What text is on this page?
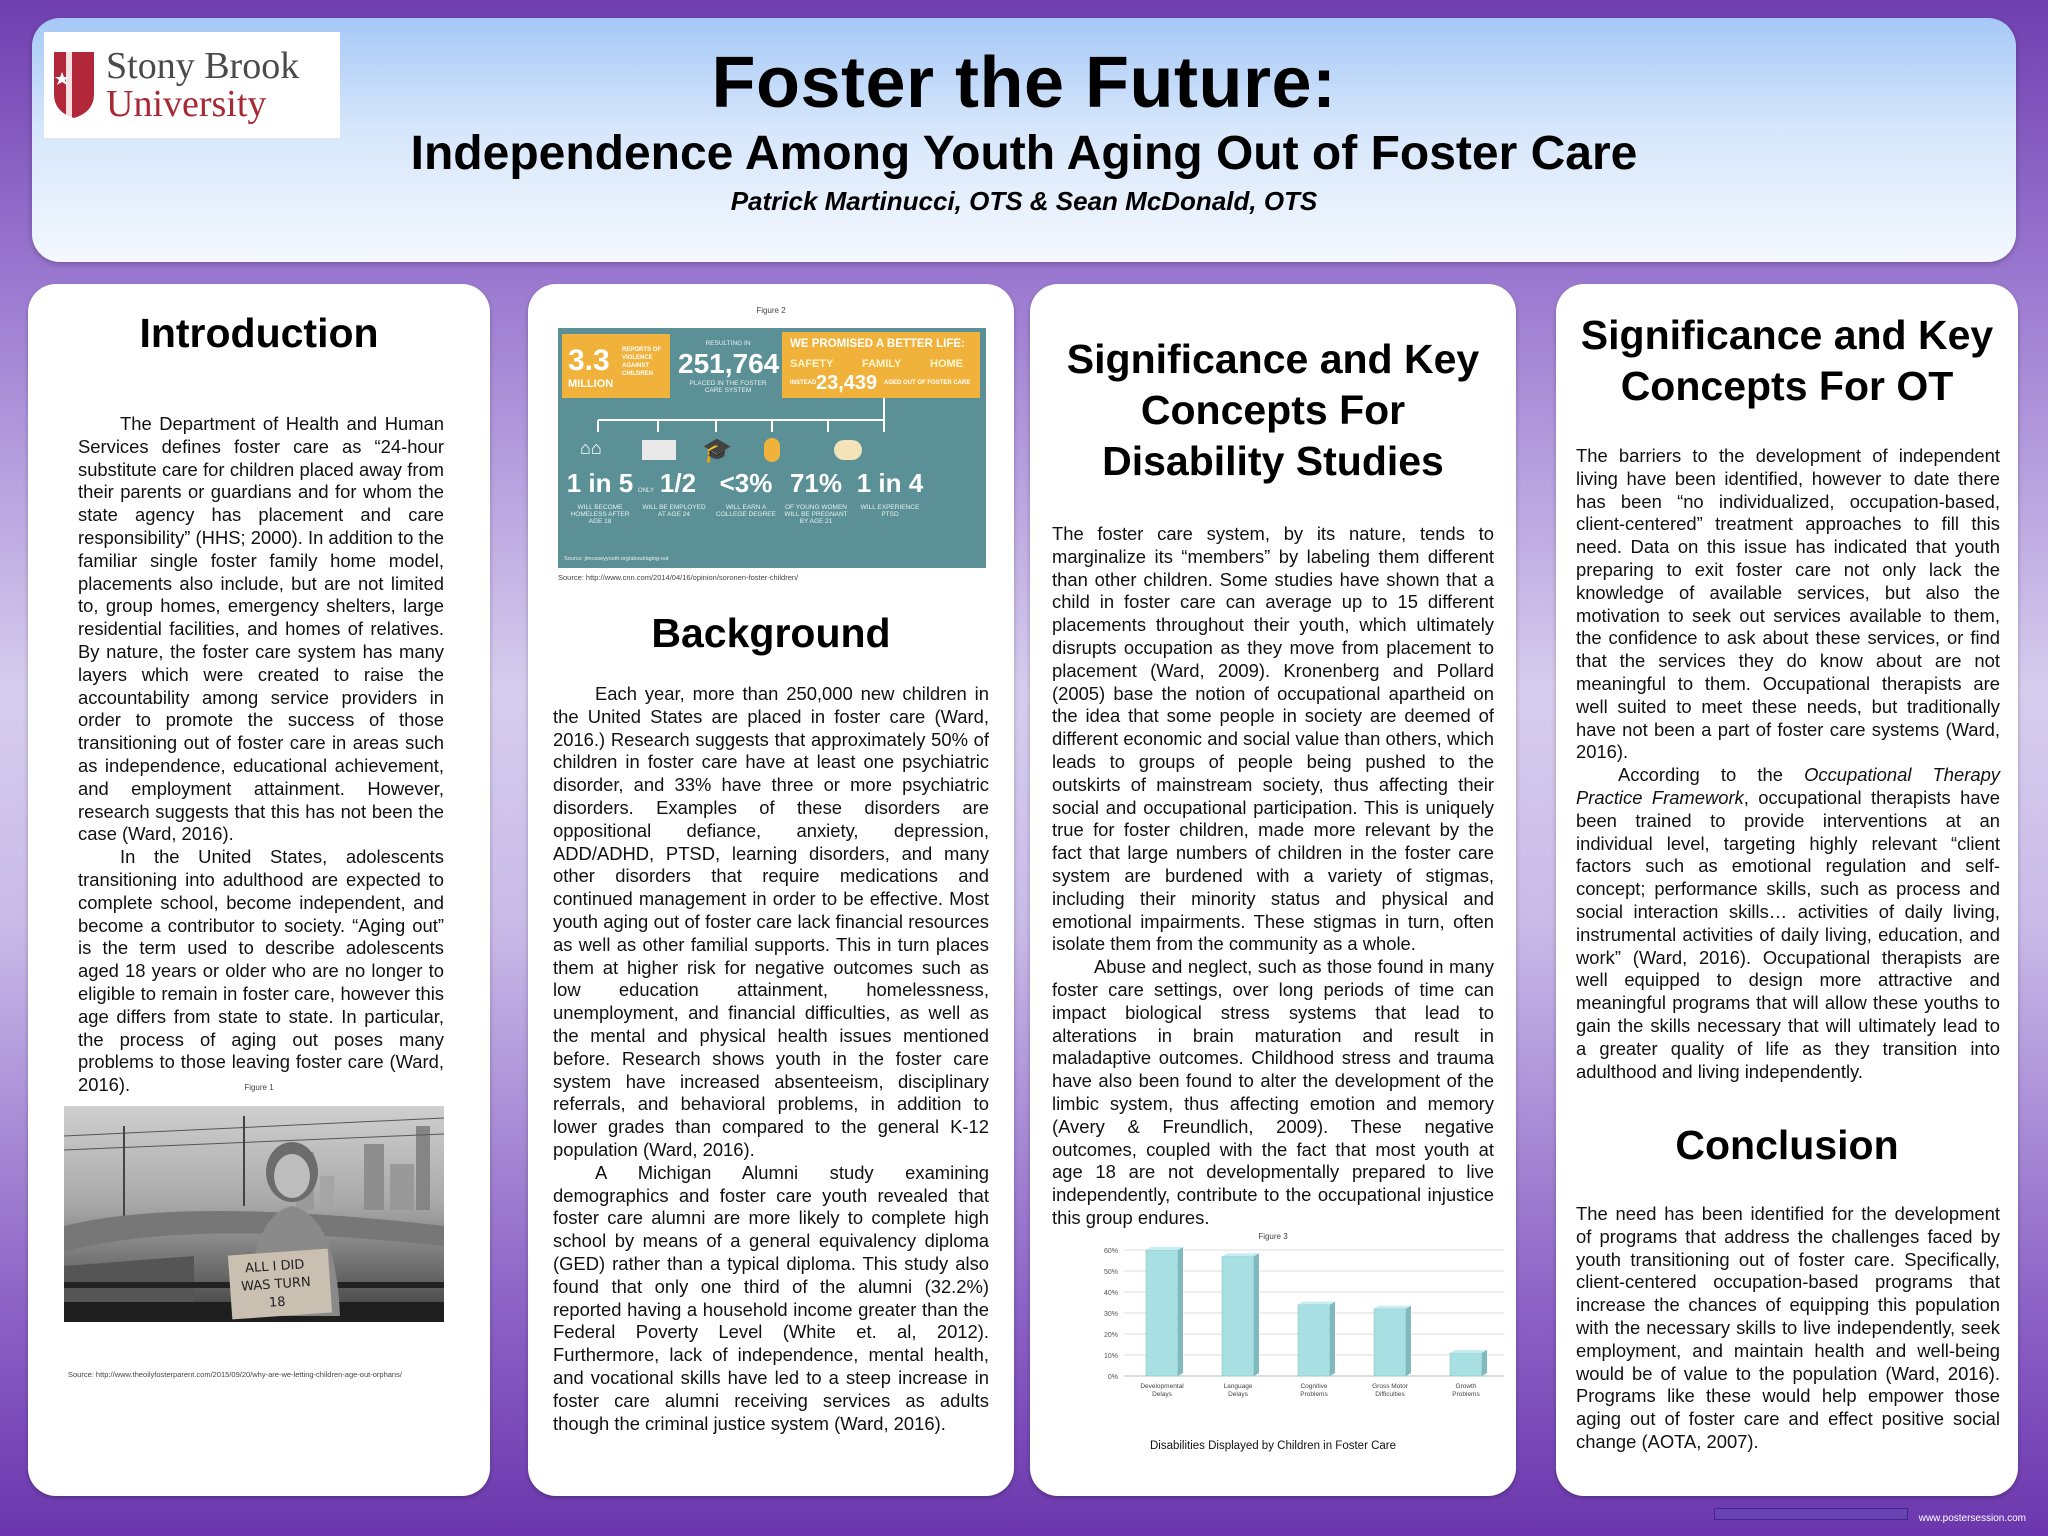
Stony Brook
University	Foster the Future:
Independence Among Youth Aging Out of Foster Care
Patrick Martinucci, OTS & Sean McDonald, OTS
Introduction

The Department of Health and Human Services defines foster care as “24-hour substitute care for children placed away from their parents or guardians and for whom the state agency has placement and care responsibility” (HHS; 2000). In addition to the familiar single foster family home model, placements also include, but are not limited to, group homes, emergency shelters, large residential facilities, and homes of relatives. By nature, the foster care system has many layers which were created to raise the accountability among service providers in order to promote the success of those transitioning out of foster care in areas such as independence, educational achievement, and employment attainment. However, research suggests that this has not been the case (Ward, 2016).

In the United States, adolescents transitioning into adulthood are expected to complete school, become independent, and become a contributor to society. “Aging out” is the term used to describe adolescents aged 18 years or older who are no longer to eligible to remain in foster care, however this age differs from state to state. In particular, the process of aging out poses many problems to those leaving foster care (Ward, 2016).	Figure 1
ALL I DID
WAS TURN
18
Source: http://www.theoilyfosterparent.com/2015/09/20/why-are-we-letting-children-age-out-orphans/
Figure 2
3.3
MILLION
REPORTS OF VIOLENCE AGAINST CHILDREN
RESULTING IN
251,764
PLACED IN THE FOSTER CARE SYSTEM
WE PROMISED A BETTER LIFE:
SAFETY	FAMILY	HOME
INSTEAD 23,439 AGED OUT OF FOSTER CARE
⌂⌂	🎓
1 in 5
WILL BECOME HOMELESS AFTER AGE 18
ONLY 1/2
WILL BE EMPLOYED AT AGE 24
<3%
WILL EARN A COLLEGE DEGREE
71%
OF YOUNG WOMEN WILL BE PREGNANT BY AGE 21
1 in 4
WILL EXPERIENCE PTSD
Source: jimcaseyyouth.org/about/aging-out
Source: http://www.cnn.com/2014/04/16/opinion/soronen-foster-children/
Background

Each year, more than 250,000 new children in the United States are placed in foster care (Ward, 2016.) Research suggests that approximately 50% of children in foster care have at least one psychiatric disorder, and 33% have three or more psychiatric disorders. Examples of these disorders are oppositional defiance, anxiety, depression, ADD/ADHD, PTSD, learning disorders, and many other disorders that require medications and continued management in order to be effective. Most youth aging out of foster care lack financial resources as well as other familial supports. This in turn places them at higher risk for negative outcomes such as low education attainment, homelessness, unemployment, and financial difficulties, as well as the mental and physical health issues mentioned before. Research shows youth in the foster care system have increased absenteeism, disciplinary referrals, and behavioral problems, in addition to lower grades than compared to the general K-12 population (Ward, 2016).

A Michigan Alumni study examining demographics and foster care youth revealed that foster care alumni are more likely to complete high school by means of a general equivalency diploma (GED) rather than a typical diploma. This study also found that only one third of the alumni (32.2%) reported having a household income greater than the Federal Poverty Level (White et. al, 2012). Furthermore, lack of independence, mental health, and vocational skills have led to a steep increase in foster care alumni receiving services as adults though the criminal justice system (Ward, 2016).

Significance and Key Concepts For Disability Studies

The foster care system, by its nature, tends to marginalize its “members” by labeling them different than other children. Some studies have shown that a child in foster care can average up to 15 different placements throughout their youth, which ultimately disrupts occupation as they move from placement to placement (Ward, 2009). Kronenberg and Pollard (2005) base the notion of occupational apartheid on the idea that some people in society are deemed of different economic and social value than others, which leads to groups of people being pushed to the outskirts of mainstream society, thus affecting their social and occupational participation. This is uniquely true for foster children, made more relevant by the fact that large numbers of children in the foster care system are burdened with a variety of stigmas, including their minority status and physical and emotional impairments. These stigmas in turn, often isolate them from the community as a whole.

Abuse and neglect, such as those found in many foster care settings, over long periods of time can impact biological stress systems that lead to alterations in brain maturation and result in maladaptive outcomes. Childhood stress and trauma have also been found to alter the development of the limbic system, thus affecting emotion and memory (Avery & Freundlich, 2009). These negative outcomes, coupled with the fact that most youth at age 18 are not developmentally prepared to live independently, contribute to the occupational injustice this group endures.

Figure 3
0%
10%
20%
30%
40%
50%
60%
Developmental Delays
Language Delays
Cognitive Problems
Gross Motor Difficulties
Growth Problems
Disabilities Displayed by Children in Foster Care
Significance and Key Concepts For OT

The barriers to the development of independent living have been identified, however to date there has been “no individualized, occupation-based, client-centered” treatment approaches to fill this need. Data on this issue has indicated that youth preparing to exit foster care not only lack the knowledge of available services, but also the motivation to seek out services available to them, the confidence to ask about these services, or find that the services they do know about are not meaningful to them. Occupational therapists are well suited to meet these needs, but traditionally have not been a part of foster care systems (Ward, 2016).

According to the Occupational Therapy Practice Framework, occupational therapists have been trained to provide interventions at an individual level, targeting highly relevant “client factors such as emotional regulation and self-concept; performance skills, such as process and social interaction skills… activities of daily living, instrumental activities of daily living, education, and work” (Ward, 2016). Occupational therapists are well equipped to design more attractive and meaningful programs that will allow these youths to gain the skills necessary that will ultimately lead to a greater quality of life as they transition into adulthood and living independently.

Conclusion

The need has been identified for the development of programs that address the challenges faced by youth transitioning out of foster care. Specifically, client-centered occupation-based programs that increase the chances of equipping this population with the necessary skills to live independently, seek employment, and maintain health and well-being would be of value to the population (Ward, 2016). Programs like these would help empower those aging out of foster care and effect positive social change (AOTA, 2007).

www.postersession.com
